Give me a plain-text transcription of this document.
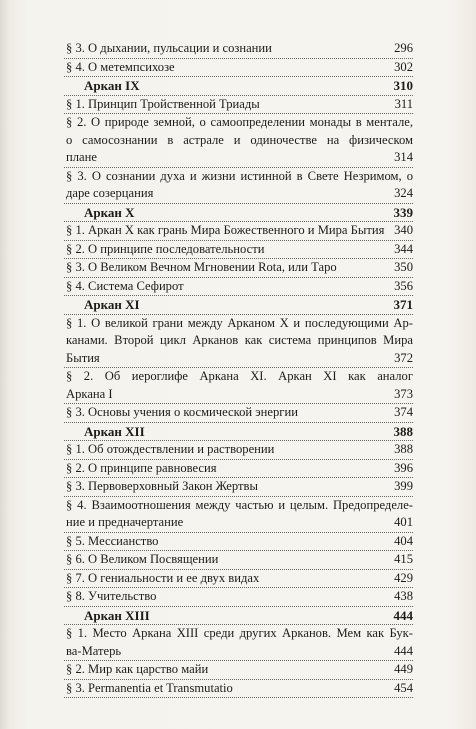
§ 3. О дыхании, пульсации и сознании	296
§ 4. О метемпсихозе	302
Аркан IX	310
§ 1. Принцип Тройственной Триады	311
§ 2. О природе земной, о самоопределении монады в ментале,
о самосознании в астрале и одиночестве на физическом
плане	314
§ 3. О сознании духа и жизни истинной в Свете Незримом, о
даре созерцания	324
Аркан X	339
§ 1. Аркан X как грань Мира Божественного и Мира Бытия 340
§ 2. О принципе последовательности	344
§ 3. О Великом Вечном Мгновении Rota, или Таро	350
§ 4. Система Сефирот	356
Аркан XI	371
§ 1. О великой грани между Арканом X и последующими Ар-
канами. Второй цикл Арканов как система принципов Мира
Бытия	372
§ 2. Об иероглифе Аркана XI. Аркан XI как аналог
Аркана I	373
§ 3. Основы учения о космической энергии	374
Аркан XII	388
§ 1. Об отождествлении и растворении	388
§ 2. О принципе равновесия	396
§ 3. Первоверховный Закон Жертвы	399
§ 4. Взаимоотношения между частью и целым. Предопределе-
ние и предначертание	401
§ 5. Мессианство	404
§ 6. О Великом Посвящении	415
§ 7. О гениальности и ее двух видах	429
§ 8. Учительство	438
Аркан XIII	444
§ 1. Место Аркана XIII среди других Арканов. Мем как Бук-
ва-Матерь	444
§ 2. Мир как царство майи	449
§ 3. Permanentia et Transmutatio	454
